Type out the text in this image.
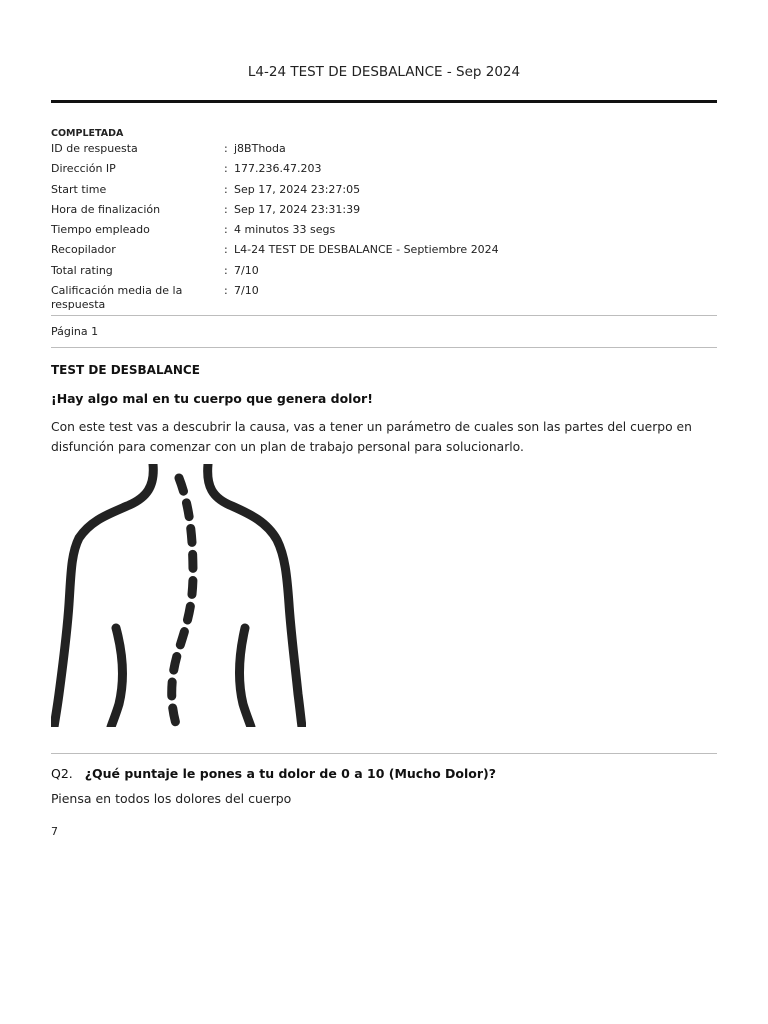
L4-24 TEST DE DESBALANCE - Sep 2024
COMPLETADA
ID de respuesta	: j8BThoda
Dirección IP	: 177.236.47.203
Start time	: Sep 17, 2024 23:27:05
Hora de finalización	: Sep 17, 2024 23:31:39
Tiempo empleado	: 4 minutos 33 segs
Recopilador	: L4-24 TEST DE DESBALANCE - Septiembre 2024
Total rating	: 7/10
Calificación media de la respuesta
: 7/10
Página 1
TEST DE DESBALANCE
¡Hay algo mal en tu cuerpo que genera dolor!
Con este test vas a descubrir la causa, vas a tener un parámetro de cuales son las partes del cuerpo en disfunción para comenzar con un plan de trabajo personal para solucionarlo.
Q2. ¿Qué puntaje le pones a tu dolor de 0 a 10 (Mucho Dolor)?
Piensa en todos los dolores del cuerpo
7
